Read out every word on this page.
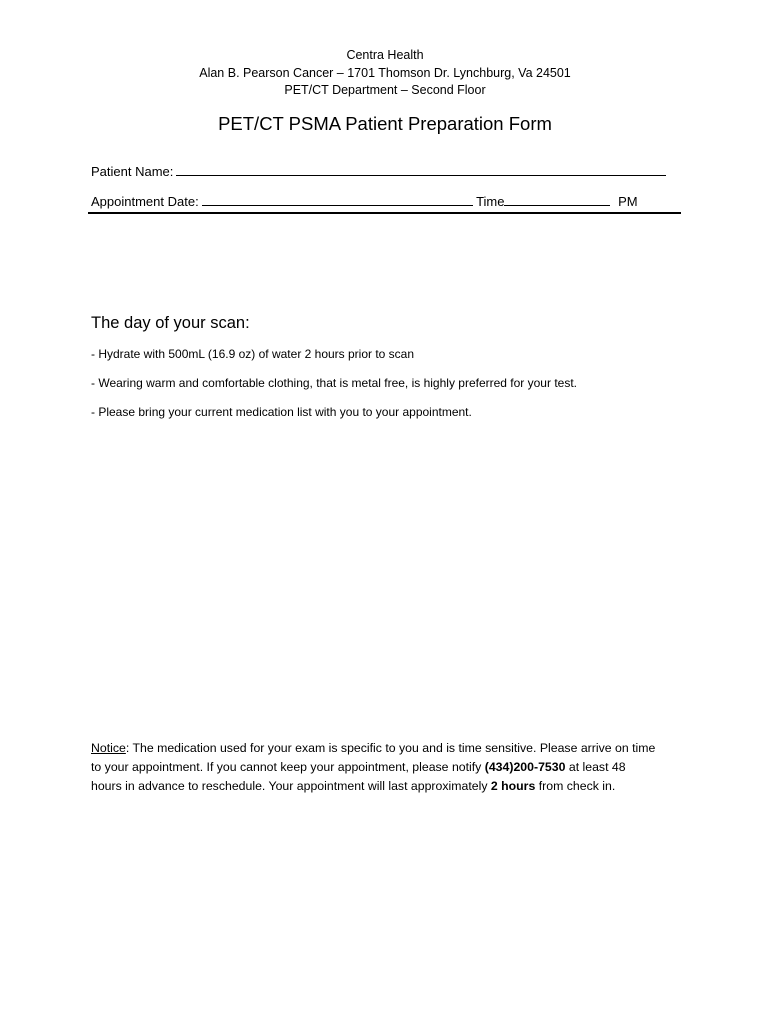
Centra Health
Alan B. Pearson Cancer – 1701 Thomson Dr. Lynchburg, Va 24501
PET/CT Department – Second Floor
PET/CT PSMA Patient Preparation Form
Patient Name:
Appointment Date:	Time	PM
The day of your scan:
- Hydrate with 500mL (16.9 oz) of water 2 hours prior to scan
- Wearing warm and comfortable clothing, that is metal free, is highly preferred for your test.
- Please bring your current medication list with you to your appointment.
Notice: The medication used for your exam is specific to you and is time sensitive. Please arrive on time
to your appointment. If you cannot keep your appointment, please notify (434)200-7530 at least 48
hours in advance to reschedule. Your appointment will last approximately 2 hours from check in.
